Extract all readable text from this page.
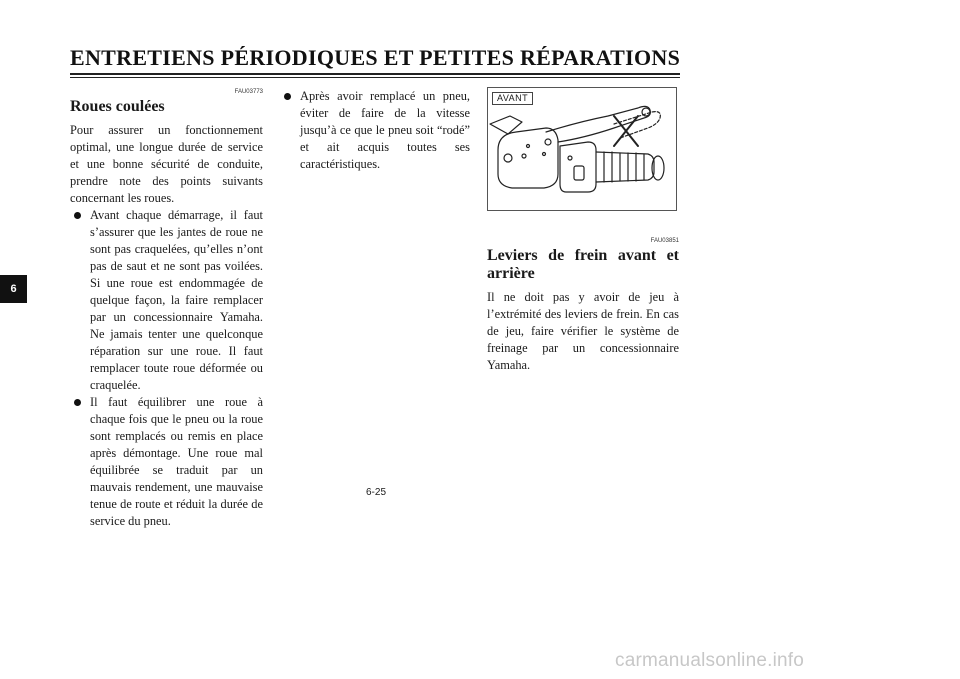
ENTRETIENS PÉRIODIQUES ET PETITES RÉPARATIONS
6
FAU03773
Roues coulées

Pour assurer un fonctionnement optimal, une longue durée de service et une bonne sécurité de conduite, prendre note des points suivants concernant les roues.

Avant chaque démarrage, il faut s’assurer que les jantes de roue ne sont pas craquelées, qu’elles n’ont pas de saut et ne sont pas voilées. Si une roue est endommagée de quelque façon, la faire remplacer par un concessionnaire Yamaha. Ne jamais tenter une quelconque réparation sur une roue. Il faut remplacer toute roue déformée ou craquelée.

Il faut équilibrer une roue à chaque fois que le pneu ou la roue sont remplacés ou remis en place après démontage. Une roue mal équilibrée se traduit par un mauvais rendement, une mauvaise tenue de route et réduit la durée de service du pneu.

Après avoir remplacé un pneu, éviter de faire de la vitesse jusqu’à ce que le pneu soit “rodé” et ait acquis toutes ses caractéristiques.

AVANT
FAU03851
Leviers de frein avant et arrière

Il ne doit pas y avoir de jeu à l’extrémité des leviers de frein. En cas de jeu, faire vérifier le système de freinage par un concessionnaire Yamaha.

6-25
carmanualsonline.info
